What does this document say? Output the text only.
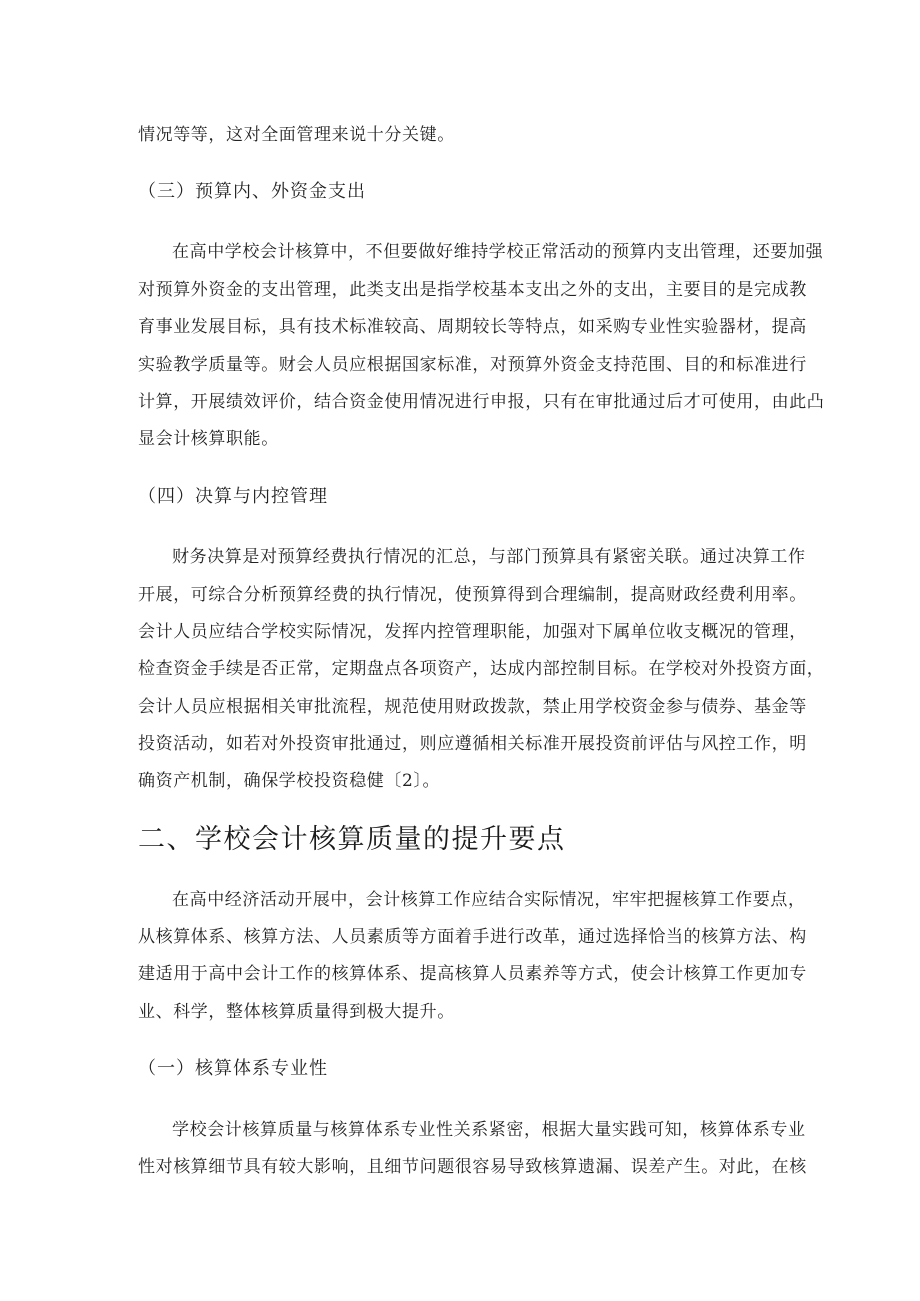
情况等等，这对全面管理来说十分关键。
（三）预算内、外资金支出
在高中学校会计核算中，不但要做好维持学校正常活动的预算内支出管理，还要加强
对预算外资金的支出管理，此类支出是指学校基本支出之外的支出，主要目的是完成教
育事业发展目标，具有技术标准较高、周期较长等特点，如采购专业性实验器材，提高
实验教学质量等。财会人员应根据国家标准，对预算外资金支持范围、目的和标准进行
计算，开展绩效评价，结合资金使用情况进行申报，只有在审批通过后才可使用，由此凸
显会计核算职能。
（四）决算与内控管理
财务决算是对预算经费执行情况的汇总，与部门预算具有紧密关联。通过决算工作
开展，可综合分析预算经费的执行情况，使预算得到合理编制，提高财政经费利用率。
会计人员应结合学校实际情况，发挥内控管理职能，加强对下属单位收支概况的管理，
检查资金手续是否正常，定期盘点各项资产，达成内部控制目标。在学校对外投资方面，
会计人员应根据相关审批流程，规范使用财政拨款，禁止用学校资金参与债券、基金等
投资活动，如若对外投资审批通过，则应遵循相关标准开展投资前评估与风控工作，明
确资产机制，确保学校投资稳健〔2〕。
二、学校会计核算质量的提升要点
在高中经济活动开展中，会计核算工作应结合实际情况，牢牢把握核算工作要点，
从核算体系、核算方法、人员素质等方面着手进行改革，通过选择恰当的核算方法、构
建适用于高中会计工作的核算体系、提高核算人员素养等方式，使会计核算工作更加专
业、科学，整体核算质量得到极大提升。
（一）核算体系专业性
学校会计核算质量与核算体系专业性关系紧密，根据大量实践可知，核算体系专业
性对核算细节具有较大影响，且细节问题很容易导致核算遗漏、误差产生。对此，在核
